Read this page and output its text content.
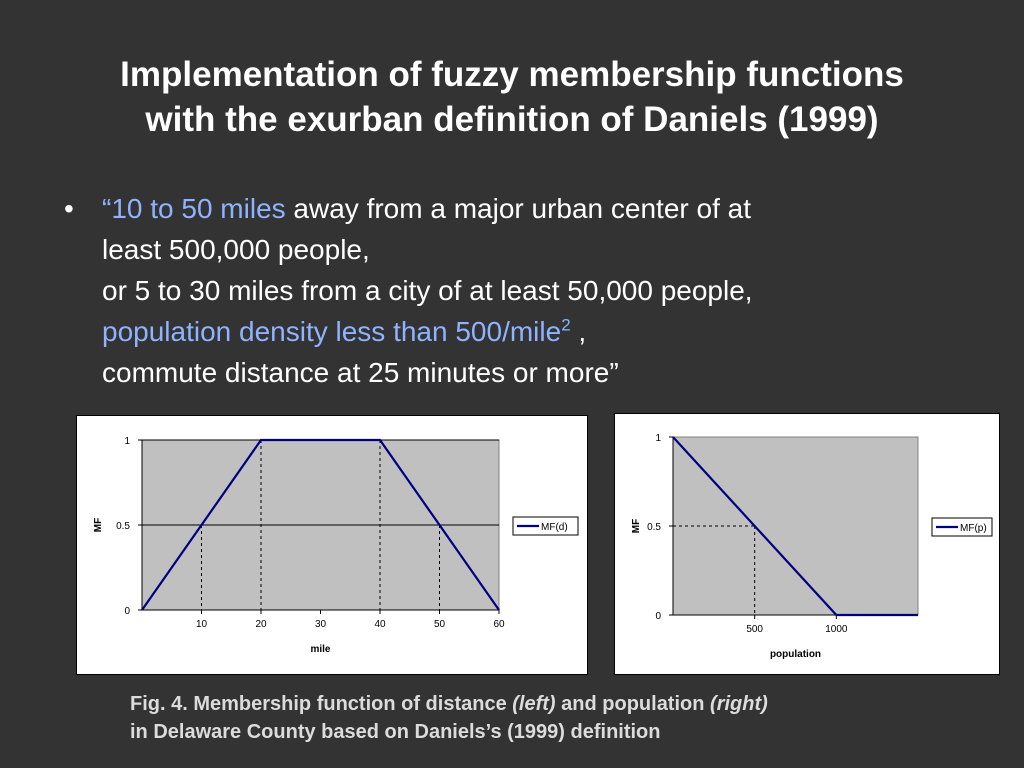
Implementation of fuzzy membership functions
with the exurban definition of Daniels (1999)
• “10 to 50 miles away from a major urban center of at
least 500,000 people,
or 5 to 30 miles from a city of at least 50,000 people,
population density less than 500/mile$^2$ ,
commute distance at 25 minutes or more”
0
0.5
1
10	20	30	40	50	60
mile
MF	MF(d)
0
0.5
1
500	1000
population
MF	MF(p)
Fig. 4. Membership function of distance (left) and population (right)
in Delaware County based on Daniels’s (1999) definition
